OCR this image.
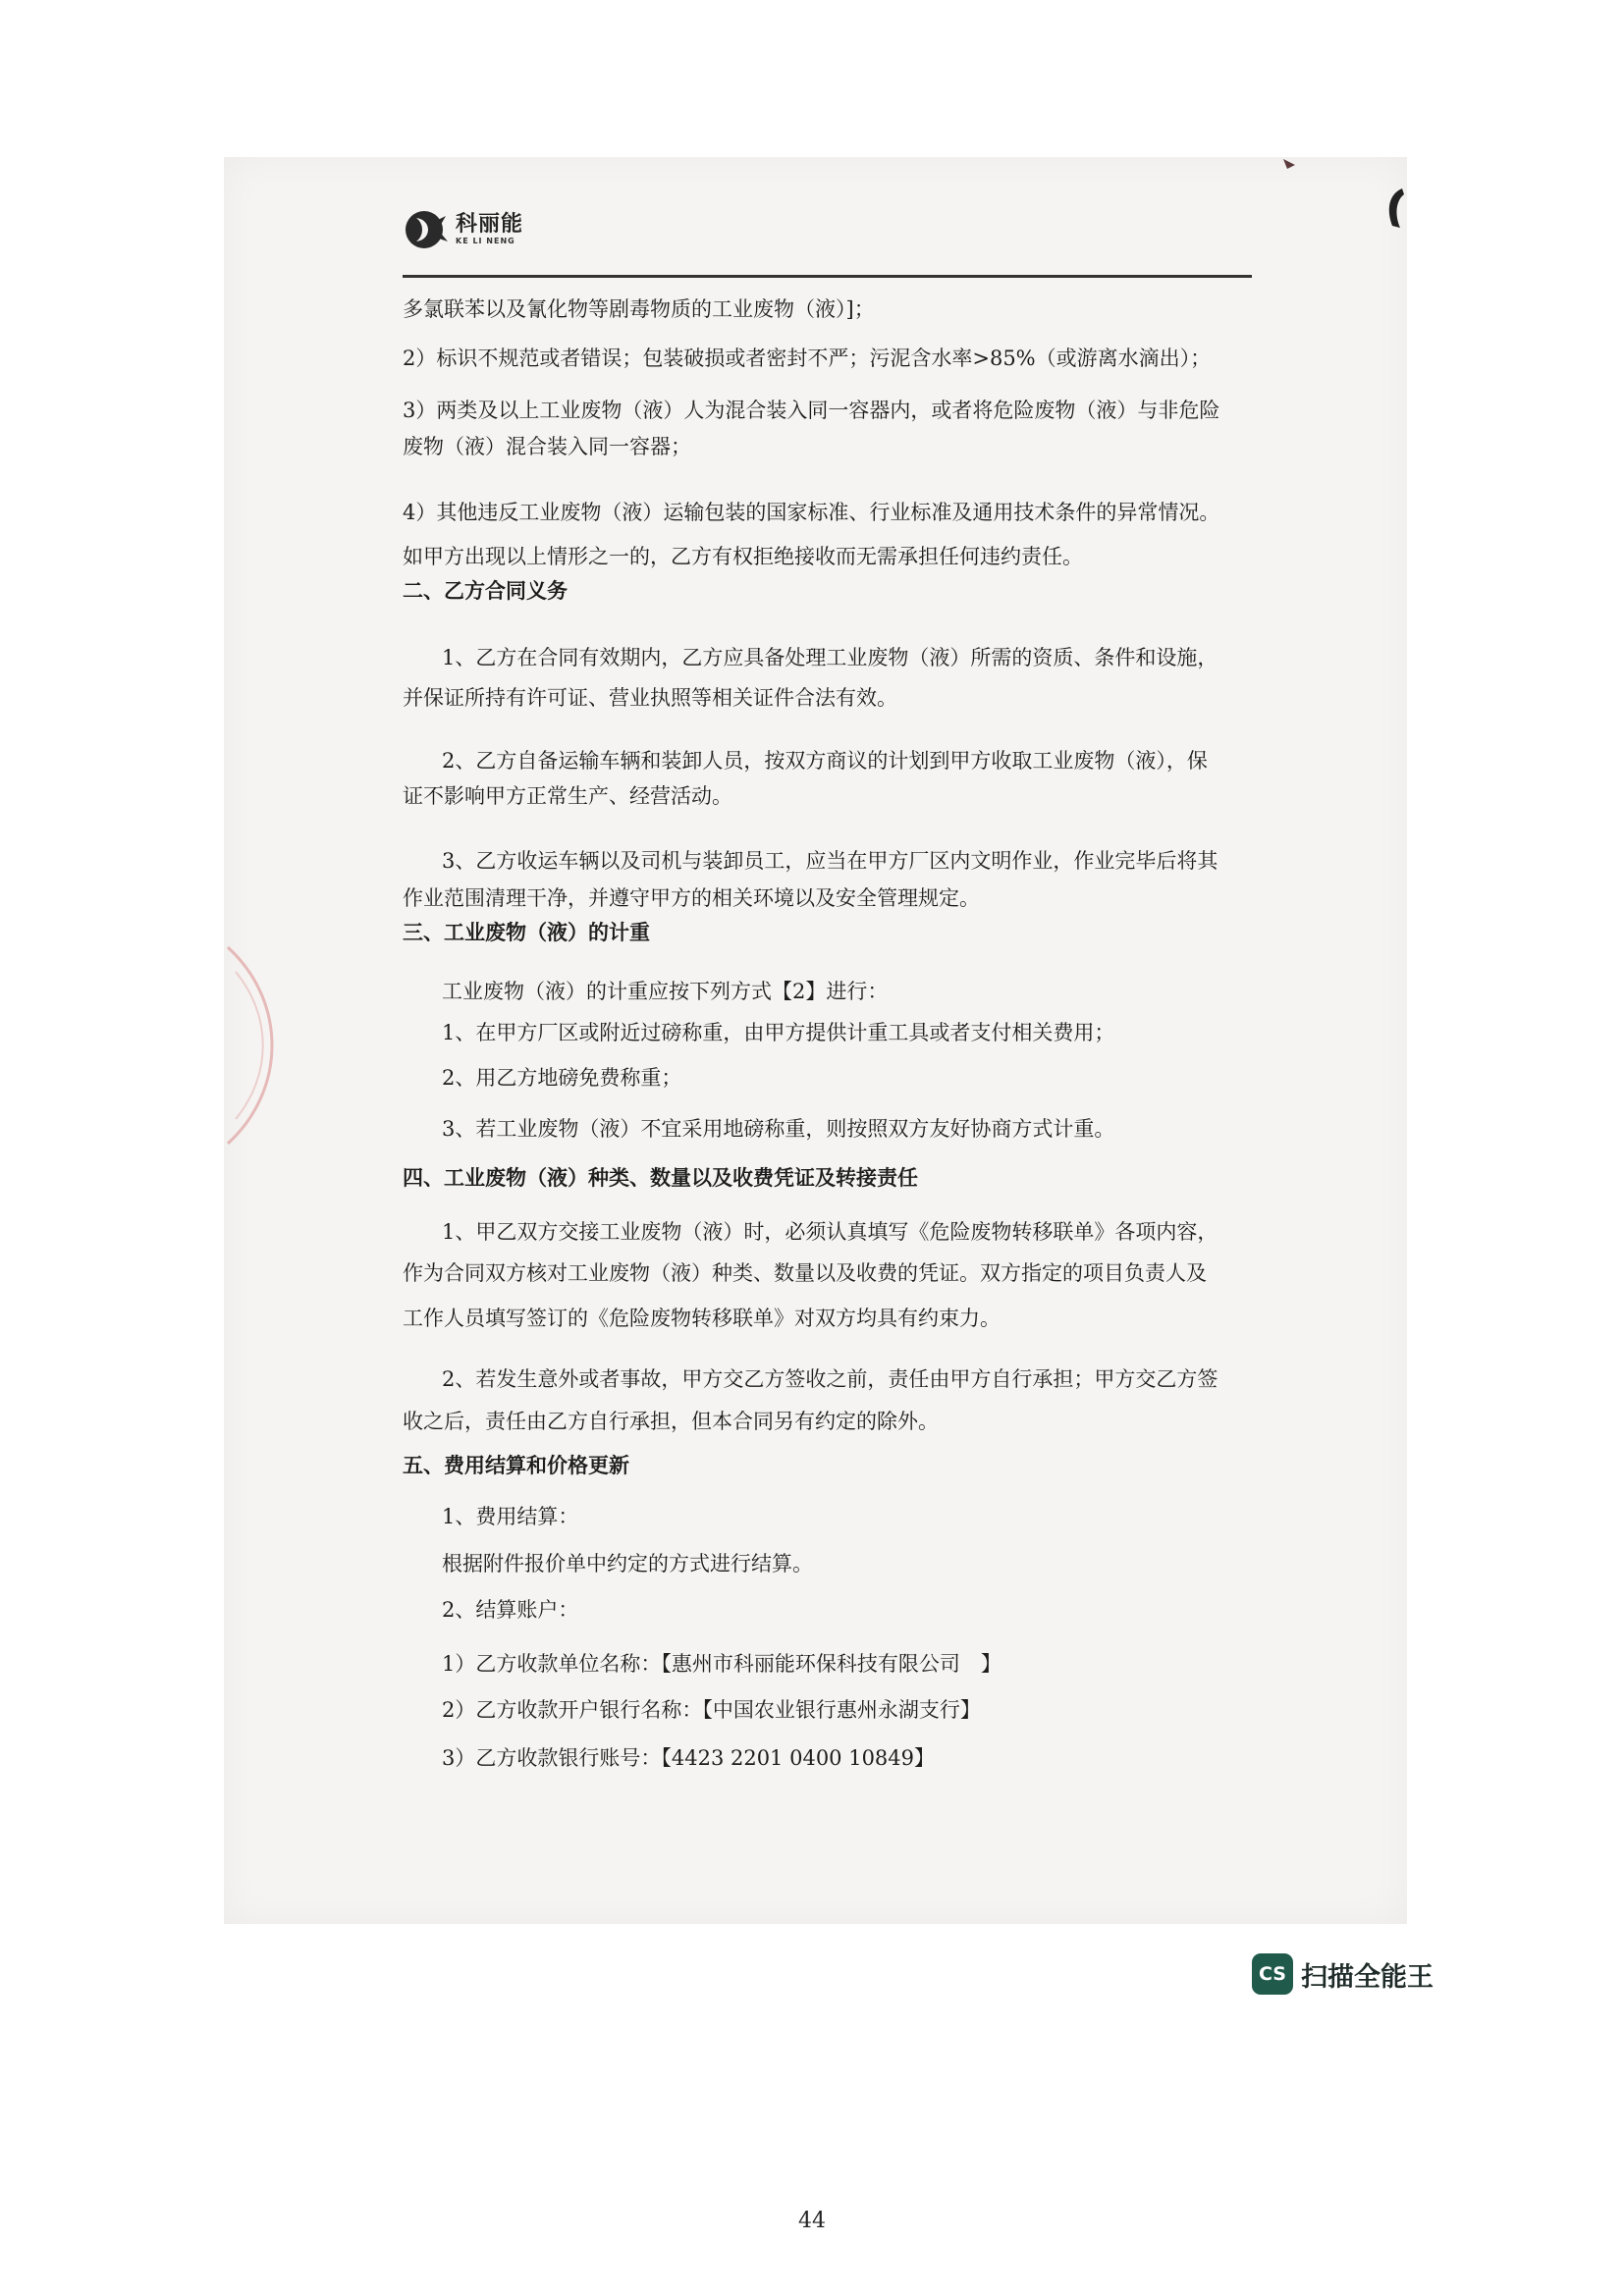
科丽能
KE LI NENG
多氯联苯以及氰化物等剧毒物质的工业废物（液）]；
2）标识不规范或者错误；包装破损或者密封不严；污泥含水率>85%（或游离水滴出）；
3）两类及以上工业废物（液）人为混合装入同一容器内，或者将危险废物（液）与非危险
废物（液）混合装入同一容器；
4）其他违反工业废物（液）运输包装的国家标准、行业标准及通用技术条件的异常情况。
如甲方出现以上情形之一的，乙方有权拒绝接收而无需承担任何违约责任。
二、乙方合同义务
1、乙方在合同有效期内，乙方应具备处理工业废物（液）所需的资质、条件和设施，
并保证所持有许可证、营业执照等相关证件合法有效。
2、乙方自备运输车辆和装卸人员，按双方商议的计划到甲方收取工业废物（液），保
证不影响甲方正常生产、经营活动。
3、乙方收运车辆以及司机与装卸员工，应当在甲方厂区内文明作业，作业完毕后将其
作业范围清理干净，并遵守甲方的相关环境以及安全管理规定。
三、工业废物（液）的计重
工业废物（液）的计重应按下列方式【2】进行：
1、在甲方厂区或附近过磅称重，由甲方提供计重工具或者支付相关费用；
2、用乙方地磅免费称重；
3、若工业废物（液）不宜采用地磅称重，则按照双方友好协商方式计重。
四、工业废物（液）种类、数量以及收费凭证及转接责任
1、甲乙双方交接工业废物（液）时，必须认真填写《危险废物转移联单》各项内容，
作为合同双方核对工业废物（液）种类、数量以及收费的凭证。双方指定的项目负责人及
工作人员填写签订的《危险废物转移联单》对双方均具有约束力。
2、若发生意外或者事故，甲方交乙方签收之前，责任由甲方自行承担；甲方交乙方签
收之后，责任由乙方自行承担，但本合同另有约定的除外。
五、费用结算和价格更新
1、费用结算：
根据附件报价单中约定的方式进行结算。
2、结算账户：
1）乙方收款单位名称：【惠州市科丽能环保科技有限公司　】
2）乙方收款开户银行名称：【中国农业银行惠州永湖支行】
3）乙方收款银行账号：【4423 2201 0400 10849】
CS 扫描全能王
44
